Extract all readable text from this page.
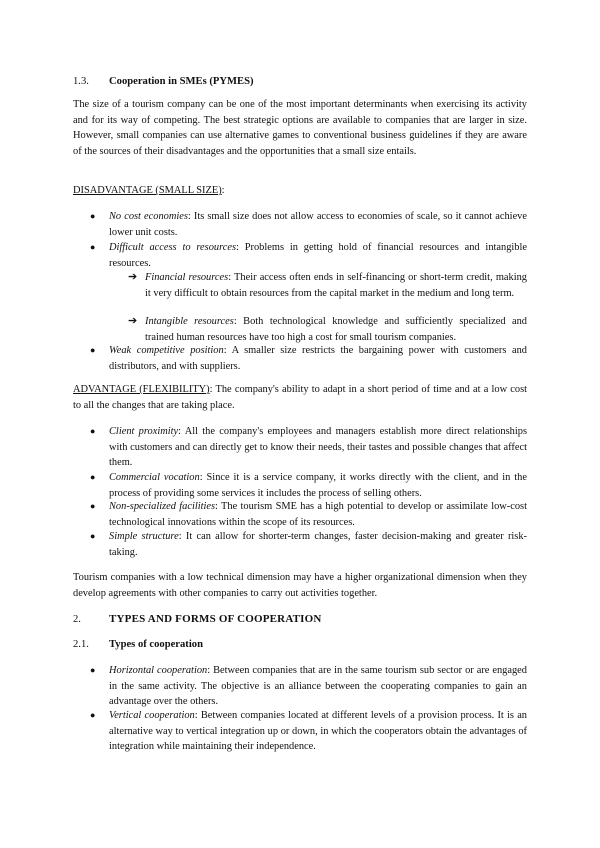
1.3. Cooperation in SMEs (PYMES)

The size of a tourism company can be one of the most important determinants when exercising its activity and for its way of competing. The best strategic options are available to companies that are larger in size. However, small companies can use alternative games to conventional business guidelines if they are aware of the sources of their disadvantages and the opportunities that a small size entails.

DISADVANTAGE (SMALL SIZE):
● No cost economies: Its small size does not allow access to economies of scale, so it cannot achieve lower unit costs.

● Difficult access to resources: Problems in getting hold of financial resources and intangible resources.

➔ Financial resources: Their access often ends in self-financing or short-term credit, making it very difficult to obtain resources from the capital market in the medium and long term.

➔ Intangible resources: Both technological knowledge and sufficiently specialized and trained human resources have too high a cost for small tourism companies.

● Weak competitive position: A smaller size restricts the bargaining power with customers and distributors, and with suppliers.

ADVANTAGE (FLEXIBILITY): The company's ability to adapt in a short period of time and at a low cost to all the changes that are taking place.

● Client proximity: All the company's employees and managers establish more direct relationships with customers and can directly get to know their needs, their tastes and possible changes that affect them.

● Commercial vocation: Since it is a service company, it works directly with the client, and in the process of providing some services it includes the process of selling others.

● Non-specialized facilities: The tourism SME has a high potential to develop or assimilate low-cost technological innovations within the scope of its resources.

● Simple structure: It can allow for shorter-term changes, faster decision-making and greater risk-taking.

Tourism companies with a low technical dimension may have a higher organizational dimension when they develop agreements with other companies to carry out activities together.

2.	TYPES AND FORMS OF COOPERATION
2.1. Types of cooperation
● Horizontal cooperation: Between companies that are in the same tourism sub sector or are engaged in the same activity. The objective is an alliance between the cooperating companies to gain an advantage over the others.

● Vertical cooperation: Between companies located at different levels of a provision process. It is an alternative way to vertical integration up or down, in which the cooperators obtain the advantages of integration while maintaining their independence.
